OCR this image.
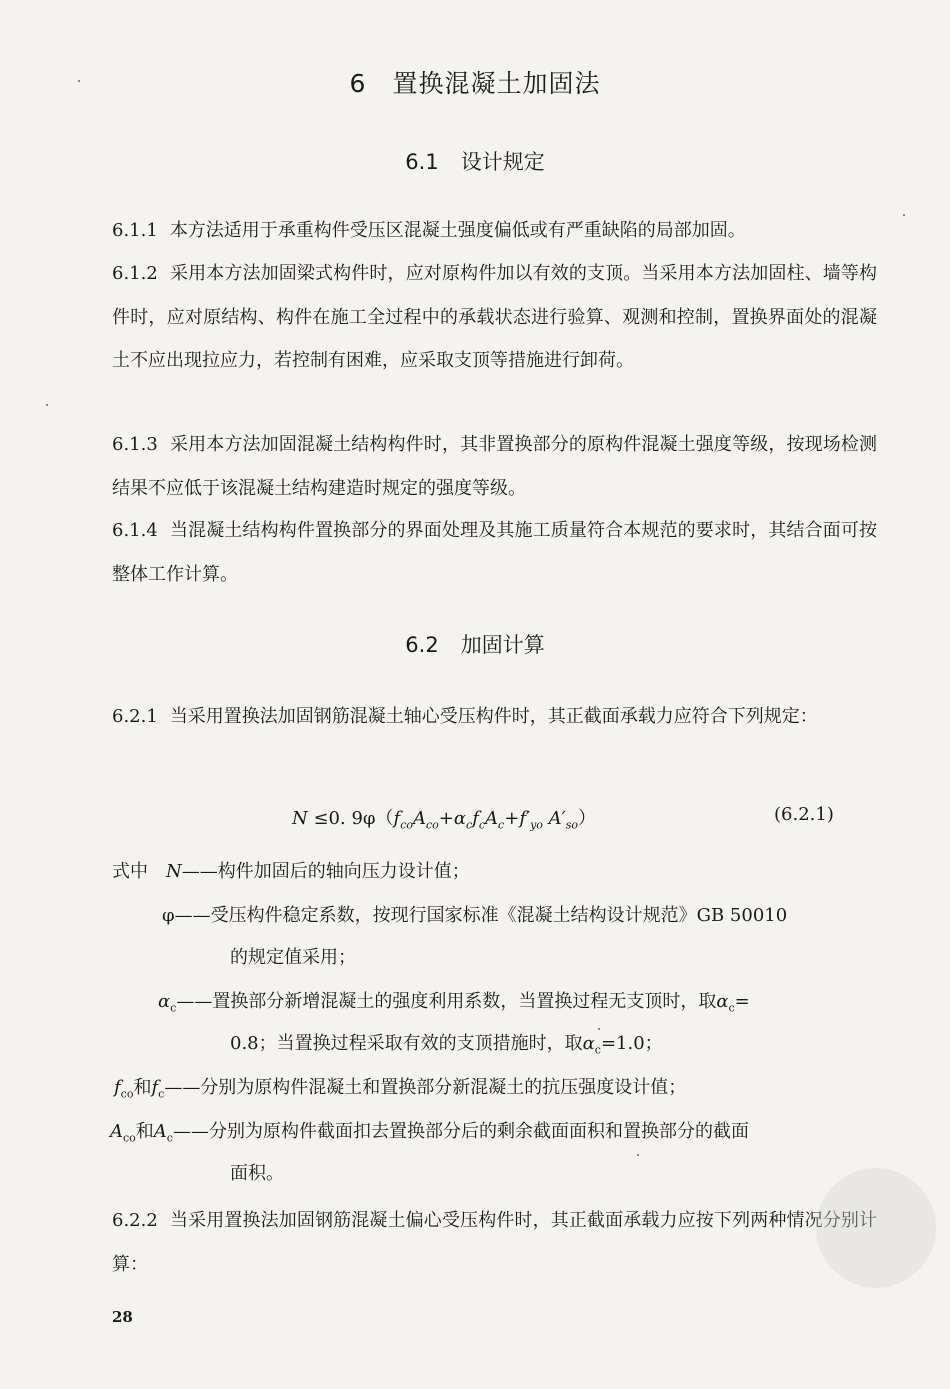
6 置换混凝土加固法
6.1 设计规定
6.1.1 本方法适用于承重构件受压区混凝土强度偏低或有严重缺陷的局部加固。
6.1.2 采用本方法加固梁式构件时，应对原构件加以有效的支顶。当采用本方法加固柱、墙等构件时，应对原结构、构件在施工全过程中的承载状态进行验算、观测和控制，置换界面处的混凝土不应出现拉应力，若控制有困难，应采取支顶等措施进行卸荷。
6.1.3 采用本方法加固混凝土结构构件时，其非置换部分的原构件混凝土强度等级，按现场检测结果不应低于该混凝土结构建造时规定的强度等级。
6.1.4 当混凝土结构构件置换部分的界面处理及其施工质量符合本规范的要求时，其结合面可按整体工作计算。
6.2 加固计算
6.2.1 当采用置换法加固钢筋混凝土轴心受压构件时，其正截面承载力应符合下列规定：
N ≤0. $9\varphi(f_{co}A_{co}+\alpha_cf_cA_c+f'_{yo}$ $A'_{so}$）	(6.2.1)
式中 N——构件加固后的轴向压力设计值；
φ——受压构件稳定系数，按现行国家标准《混凝土结构设计规范》GB 50010
的规定值采用；
$\alpha_c——$置换部分新增混凝土的强度利用系数，当置换过程无支顶时，取$\alpha_c=$
0.8；当置换过程采取有效的支顶措施时，取$\alpha_c=1.0$；
$f_{co}$和$f_c——$分别为原构件混凝土和置换部分新混凝土的抗压强度设计值；
$A_{co}$和$A_c——$分别为原构件截面扣去置换部分后的剩余截面面积和置换部分的截面
面积。
6.2.2 当采用置换法加固钢筋混凝土偏心受压构件时，其正截面承载力应按下列两种情况分别计算：
28
